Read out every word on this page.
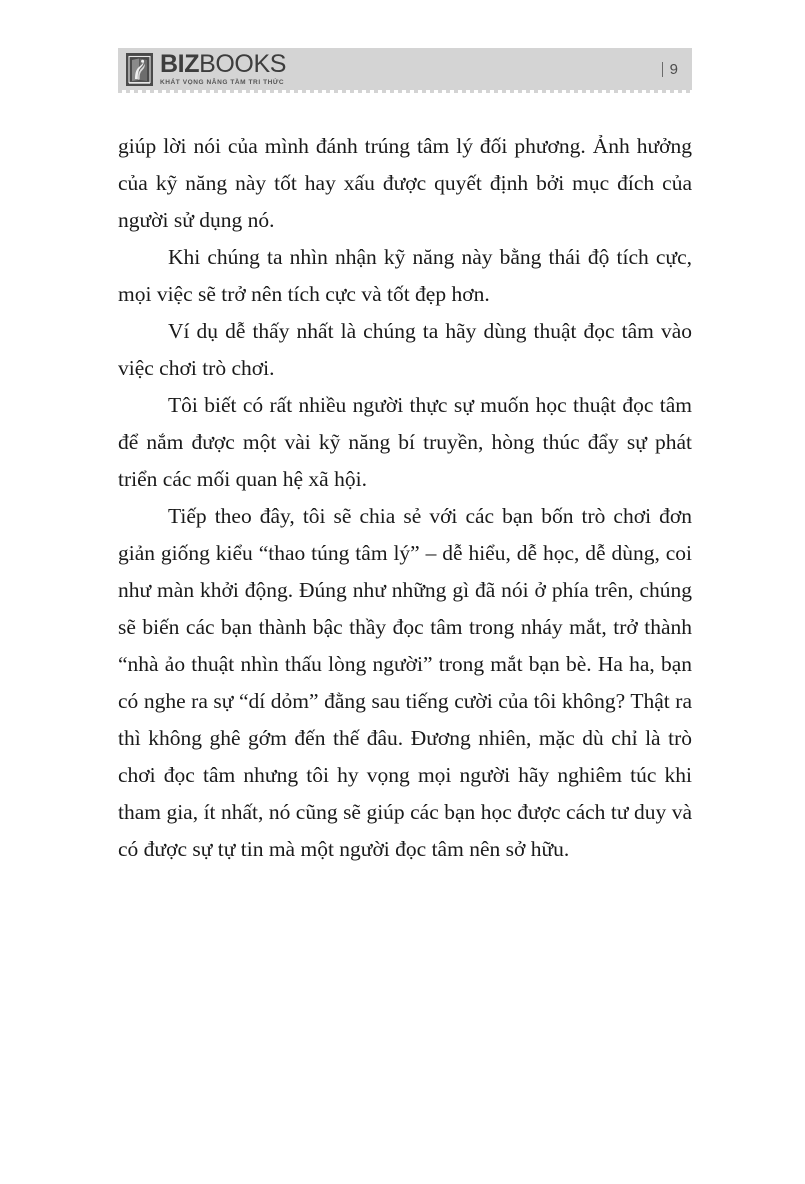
BIZBOOKS
KHÁT VỌNG NÂNG TẦM TRI THỨC
9

giúp lời nói của mình đánh trúng tâm lý đối phương. Ảnh hưởng của kỹ năng này tốt hay xấu được quyết định bởi mục đích của người sử dụng nó.

Khi chúng ta nhìn nhận kỹ năng này bằng thái độ tích cực, mọi việc sẽ trở nên tích cực và tốt đẹp hơn.

Ví dụ dễ thấy nhất là chúng ta hãy dùng thuật đọc tâm vào việc chơi trò chơi.

Tôi biết có rất nhiều người thực sự muốn học thuật đọc tâm để nắm được một vài kỹ năng bí truyền, hòng thúc đẩy sự phát triển các mối quan hệ xã hội.

Tiếp theo đây, tôi sẽ chia sẻ với các bạn bốn trò chơi đơn giản giống kiểu “thao túng tâm lý” – dễ hiểu, dễ học, dễ dùng, coi như màn khởi động. Đúng như những gì đã nói ở phía trên, chúng sẽ biến các bạn thành bậc thầy đọc tâm trong nháy mắt, trở thành “nhà ảo thuật nhìn thấu lòng người” trong mắt bạn bè. Ha ha, bạn có nghe ra sự “dí dỏm” đằng sau tiếng cười của tôi không? Thật ra thì không ghê gớm đến thế đâu. Đương nhiên, mặc dù chỉ là trò chơi đọc tâm nhưng tôi hy vọng mọi người hãy nghiêm túc khi tham gia, ít nhất, nó cũng sẽ giúp các bạn học được cách tư duy và có được sự tự tin mà một người đọc tâm nên sở hữu.
